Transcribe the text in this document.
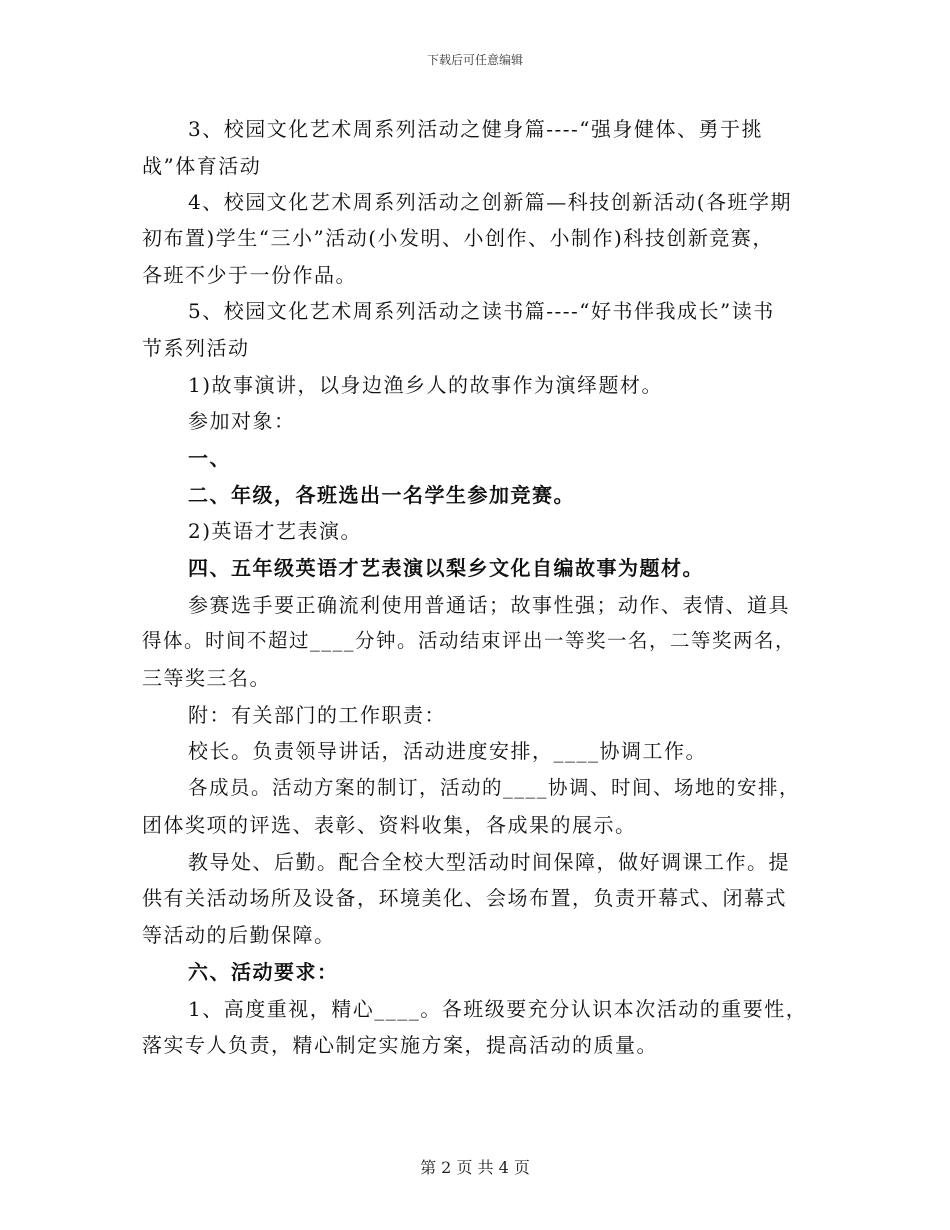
下载后可任意编辑
3、校园文化艺术周系列活动之健身篇----“强身健体、勇于挑
战”体育活动
4、校园文化艺术周系列活动之创新篇—科技创新活动(各班学期
初布置)学生“三小”活动(小发明、小创作、小制作)科技创新竞赛，
各班不少于一份作品。
5、校园文化艺术周系列活动之读书篇----“好书伴我成长”读书
节系列活动
1)故事演讲，以身边渔乡人的故事作为演绎题材。
参加对象：
一、
二、年级，各班选出一名学生参加竞赛。
2)英语才艺表演。
四、五年级英语才艺表演以梨乡文化自编故事为题材。
参赛选手要正确流利使用普通话；故事性强；动作、表情、道具
得体。时间不超过____分钟。活动结束评出一等奖一名，二等奖两名，
三等奖三名。
附：有关部门的工作职责：
校长。负责领导讲话，活动进度安排，____协调工作。
各成员。活动方案的制订，活动的____协调、时间、场地的安排，
团体奖项的评选、表彰、资料收集，各成果的展示。
教导处、后勤。配合全校大型活动时间保障，做好调课工作。提
供有关活动场所及设备，环境美化、会场布置，负责开幕式、闭幕式
等活动的后勤保障。
六、活动要求：
1、高度重视，精心____。各班级要充分认识本次活动的重要性，
落实专人负责，精心制定实施方案，提高活动的质量。
第 2 页 共 4 页
